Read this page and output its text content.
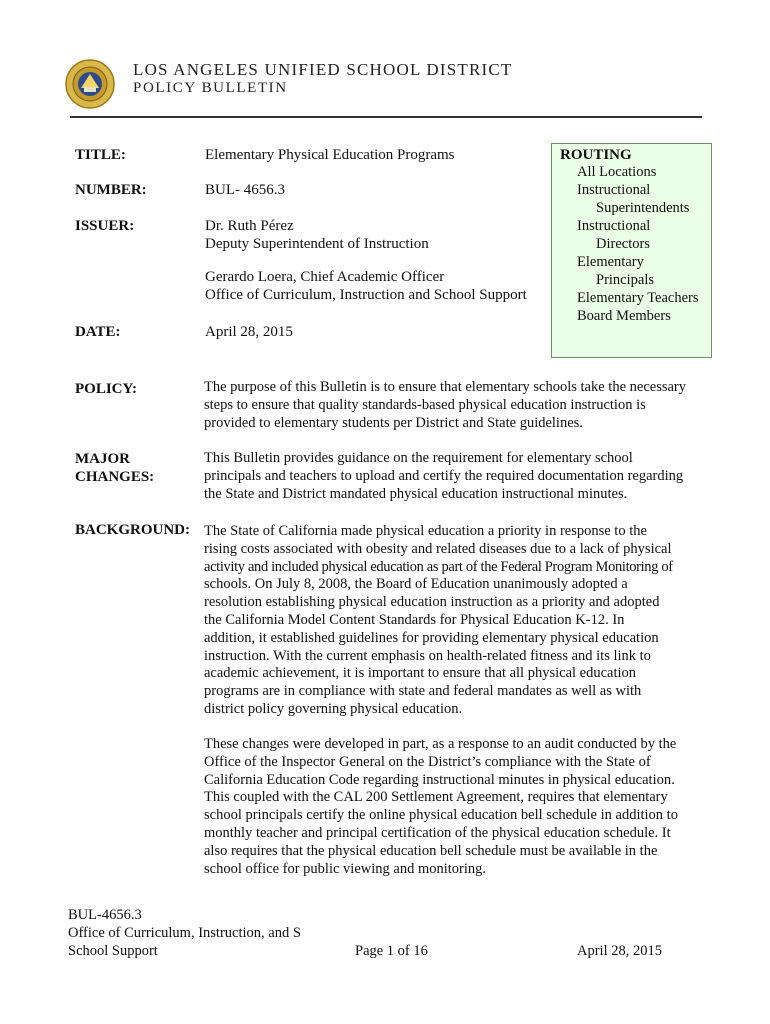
LOS ANGELES UNIFIED SCHOOL DISTRICT
POLICY BULLETIN
TITLE:	Elementary Physical Education Programs
NUMBER:	BUL- 4656.3
ISSUER:	Dr. Ruth Pérez
Deputy Superintendent of Instruction
Gerardo Loera, Chief Academic Officer
Office of Curriculum, Instruction and School Support
DATE:	April 28, 2015
ROUTING
All Locations
Instructional
Superintendents
Instructional
Directors
Elementary
Principals
Elementary Teachers
Board Members
POLICY:	The purpose of this Bulletin is to ensure that elementary schools take the necessary
steps to ensure that quality standards-based physical education instruction is
provided to elementary students per District and State guidelines.
MAJOR
CHANGES:
This Bulletin provides guidance on the requirement for elementary school
principals and teachers to upload and certify the required documentation regarding
the State and District mandated physical education instructional minutes.
BACKGROUND: The State of California made physical education a priority in response to the
rising costs associated with obesity and related diseases due to a lack of physical
activity and included physical education as part of the Federal Program Monitoring of
schools. On July 8, 2008, the Board of Education unanimously adopted a
resolution establishing physical education instruction as a priority and adopted
the California Model Content Standards for Physical Education K-12. In
addition, it established guidelines for providing elementary physical education
instruction. With the current emphasis on health-related fitness and its link to
academic achievement, it is important to ensure that all physical education
programs are in compliance with state and federal mandates as well as with
district policy governing physical education.
These changes were developed in part, as a response to an audit conducted by the
Office of the Inspector General on the District’s compliance with the State of
California Education Code regarding instructional minutes in physical education.
This coupled with the CAL 200 Settlement Agreement, requires that elementary
school principals certify the online physical education bell schedule in addition to
monthly teacher and principal certification of the physical education schedule. It
also requires that the physical education bell schedule must be available in the
school office for public viewing and monitoring.
BUL-4656.3
Office of Curriculum, Instruction, and S
School Support	Page 1 of 16	April 28, 2015
